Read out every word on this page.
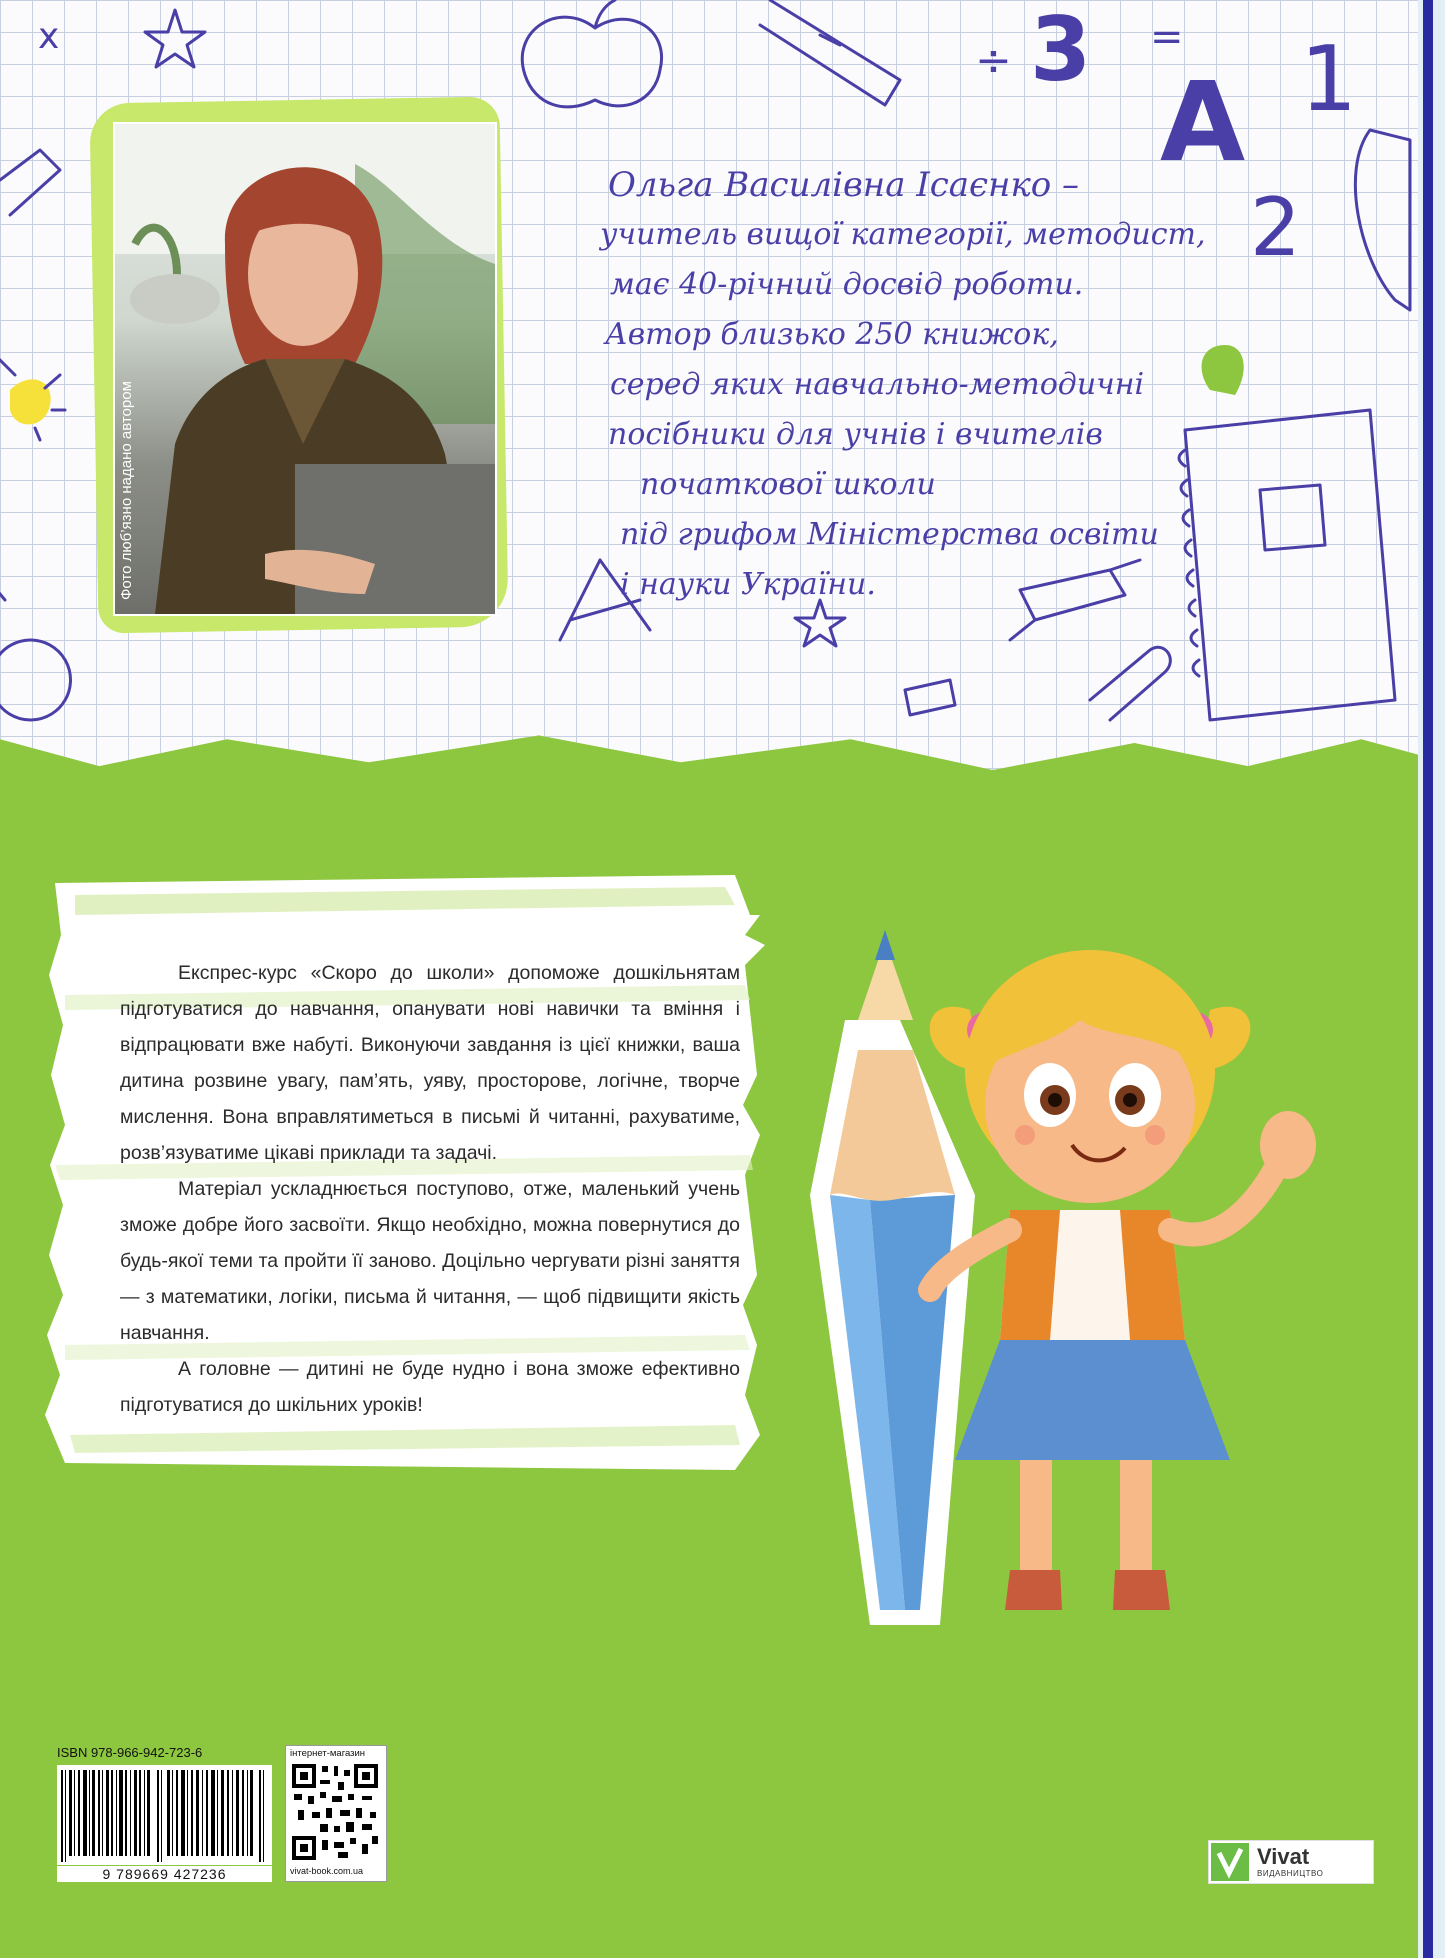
x	÷ 3 =
A 1
2
Фото люб’язно надано автором
Ольга Василівна Ісаєнко –
учитель вищої категорії, методист,
має 40-річний досвід роботи.
Автор близько 250 книжок,
серед яких навчально-методичні
посібники для учнів і вчителів
початкової школи
під грифом Міністерства освіти
і науки України.

Експрес-курс «Скоро до школи» допоможе дошкільнятам підготуватися до навчання, опанувати нові навички та вміння і відпрацювати вже набуті. Виконуючи завдання із цієї книжки, ваша дитина розвине увагу, пам’ять, уяву, просторове, логічне, творче мислення. Вона вправлятиметься в письмі й читанні, рахуватиме, розв’язуватиме цікаві приклади та задачі.

Матеріал ускладнюється поступово, отже, маленький учень зможе добре його засвоїти. Якщо необхідно, можна повернутися до будь-якої теми та пройти її заново. Доцільно чергувати різні заняття — з математики, логіки, письма й читання, — щоб підвищити якість навчання.

А головне — дитині не буде нудно і вона зможе ефективно підготуватися до шкільних уроків!

ISBN 978-966-942-723-6
9 789669 427236
інтернет-магазин
vivat-book.com.ua
Vivat
ВИДАВНИЦТВО
